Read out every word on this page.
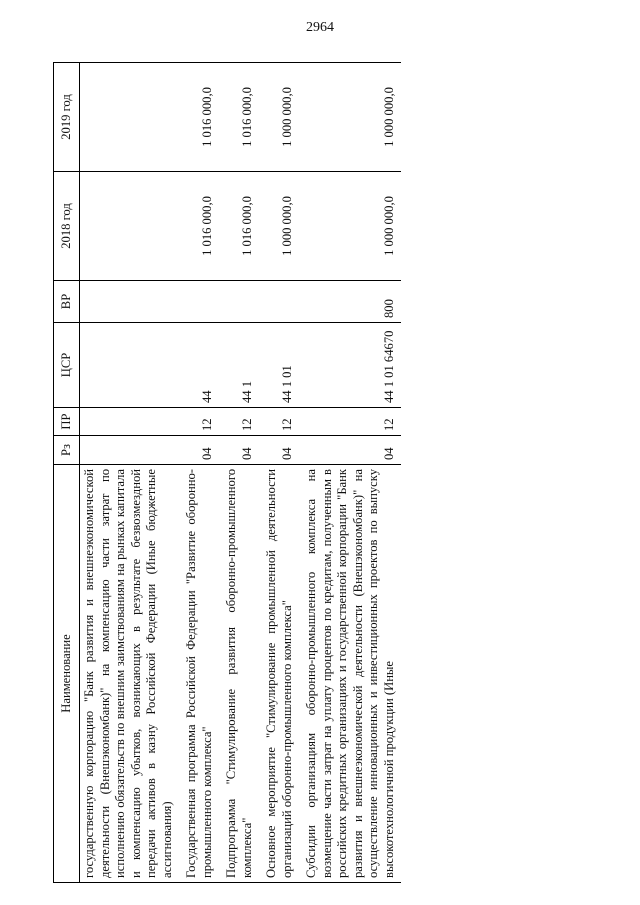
2964
Наименование	Рз	ПР	ЦСР	ВР	2018 год	2019 год
государственную корпорацию "Банк развития и внешнеэкономической деятельности (Внешэкономбанк)" на компенсацию части затрат по исполнению обязательств по внешним заимствованиям на рынках капитала и компенсацию убытков, возникающих в результате безвозмездной передачи активов в казну Российской Федерации (Иные бюджетные ассигнования)						
Государственная программа Российской Федерации "Развитие оборонно-промышленного комплекса"	04	12	44		1 016 000,0	1 016 000,0
Подпрограмма "Стимулирование развития оборонно-промышленного комплекса"	04	12	44 1		1 016 000,0	1 016 000,0
Основное мероприятие "Стимулирование промышленной деятельности организаций оборонно-промышленного комплекса"	04	12	44 1 01		1 000 000,0	1 000 000,0
Субсидии организациям оборонно-промышленного комплекса на возмещение части затрат на уплату процентов по кредитам, полученным в российских кредитных организациях и государственной корпорации "Банк развития и внешнеэкономической деятельности (Внешэкономбанк)" на осуществление инновационных и инвестиционных проектов по выпуску высокотехнологичной продукции (Иные	04	12	44 1 01 64670	800	1 000 000,0	1 000 000,0
